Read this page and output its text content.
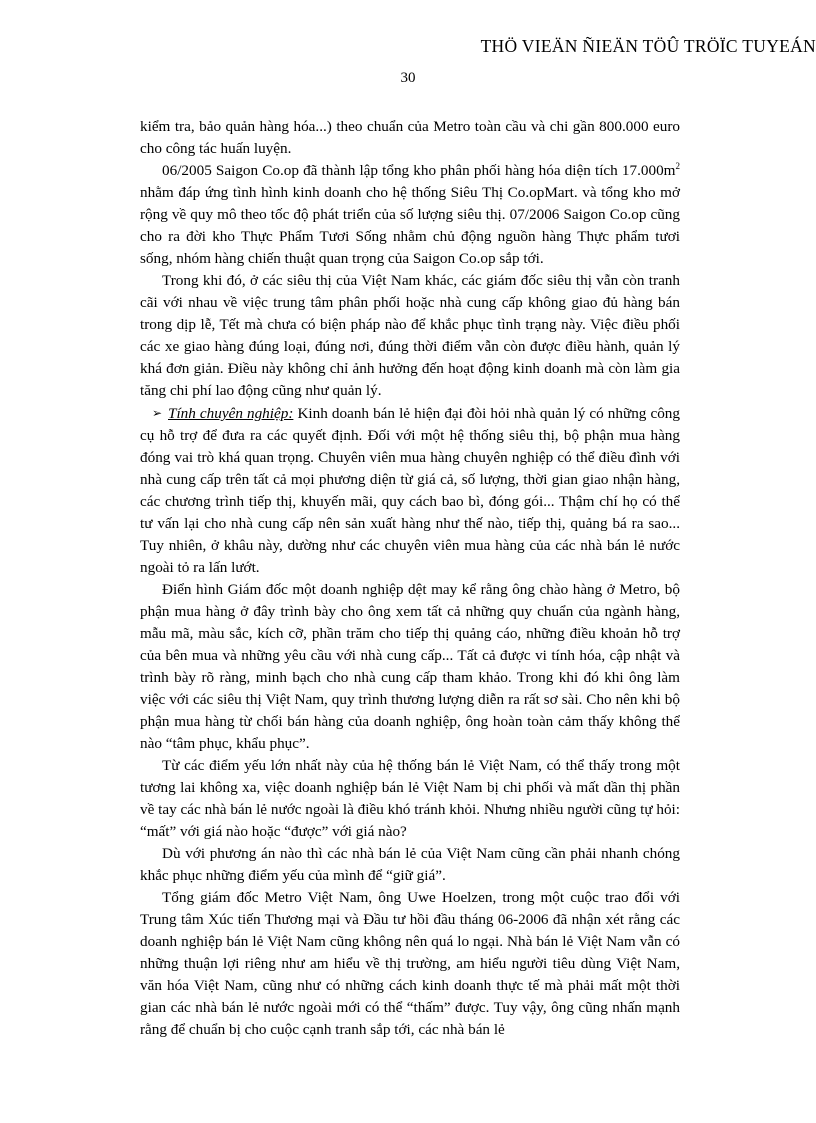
THÖ VIEÄN ÑIEÄN TÖÛ TRÖÏC TUYEÁN
30

kiểm tra, bảo quản hàng hóa...) theo chuẩn của Metro toàn cầu và chi gần 800.000 euro cho công tác huấn luyện.

06/2005 Saigon Co.op đã thành lập tổng kho phân phối hàng hóa diện tích $17.000m^2$ nhằm đáp ứng tình hình kinh doanh cho hệ thống Siêu Thị Co.opMart. và tổng kho mở rộng về quy mô theo tốc độ phát triển của số lượng siêu thị. 07/2006 Saigon Co.op cũng cho ra đời kho Thực Phẩm Tươi Sống nhằm chủ động nguồn hàng Thực phẩm tươi sống, nhóm hàng chiến thuật quan trọng của Saigon Co.op sắp tới.

Trong khi đó, ở các siêu thị của Việt Nam khác, các giám đốc siêu thị vẫn còn tranh cãi với nhau về việc trung tâm phân phối hoặc nhà cung cấp không giao đủ hàng bán trong dịp lễ, Tết mà chưa có biện pháp nào để khắc phục tình trạng này. Việc điều phối các xe giao hàng đúng loại, đúng nơi, đúng thời điểm vẫn còn được điều hành, quản lý khá đơn giản. Điều này không chỉ ảnh hưởng đến hoạt động kinh doanh mà còn làm gia tăng chi phí lao động cũng như quản lý.

➢ Tính chuyên nghiệp: Kinh doanh bán lẻ hiện đại đòi hỏi nhà quản lý có những công cụ hỗ trợ để đưa ra các quyết định. Đối với một hệ thống siêu thị, bộ phận mua hàng đóng vai trò khá quan trọng. Chuyên viên mua hàng chuyên nghiệp có thể điều đình với nhà cung cấp trên tất cả mọi phương diện từ giá cả, số lượng, thời gian giao nhận hàng, các chương trình tiếp thị, khuyến mãi, quy cách bao bì, đóng gói... Thậm chí họ có thể tư vấn lại cho nhà cung cấp nên sản xuất hàng như thế nào, tiếp thị, quảng bá ra sao... Tuy nhiên, ở khâu này, dường như các chuyên viên mua hàng của các nhà bán lẻ nước ngoài tỏ ra lấn lướt.

Điển hình Giám đốc một doanh nghiệp dệt may kể rằng ông chào hàng ở Metro, bộ phận mua hàng ở đây trình bày cho ông xem tất cả những quy chuẩn của ngành hàng, mẫu mã, màu sắc, kích cỡ, phần trăm cho tiếp thị quảng cáo, những điều khoản hỗ trợ của bên mua và những yêu cầu với nhà cung cấp... Tất cả được vi tính hóa, cập nhật và trình bày rõ ràng, minh bạch cho nhà cung cấp tham khảo. Trong khi đó khi ông làm việc với các siêu thị Việt Nam, quy trình thương lượng diễn ra rất sơ sài. Cho nên khi bộ phận mua hàng từ chối bán hàng của doanh nghiệp, ông hoàn toàn cảm thấy không thể nào “tâm phục, khẩu phục”.

Từ các điểm yếu lớn nhất này của hệ thống bán lẻ Việt Nam, có thể thấy trong một tương lai không xa, việc doanh nghiệp bán lẻ Việt Nam bị chi phối và mất dần thị phần về tay các nhà bán lẻ nước ngoài là điều khó tránh khỏi. Nhưng nhiều người cũng tự hỏi: “mất” với giá nào hoặc “được” với giá nào?

Dù với phương án nào thì các nhà bán lẻ của Việt Nam cũng cần phải nhanh chóng khắc phục những điểm yếu của mình để “giữ giá”.

Tổng giám đốc Metro Việt Nam, ông Uwe Hoelzen, trong một cuộc trao đổi với Trung tâm Xúc tiến Thương mại và Đầu tư hồi đầu tháng 06-2006 đã nhận xét rằng các doanh nghiệp bán lẻ Việt Nam cũng không nên quá lo ngại. Nhà bán lẻ Việt Nam vẫn có những thuận lợi riêng như am hiểu về thị trường, am hiểu người tiêu dùng Việt Nam, văn hóa Việt Nam, cũng như có những cách kinh doanh thực tế mà phải mất một thời gian các nhà bán lẻ nước ngoài mới có thể “thấm” được. Tuy vậy, ông cũng nhấn mạnh rằng để chuẩn bị cho cuộc cạnh tranh sắp tới, các nhà bán lẻ
